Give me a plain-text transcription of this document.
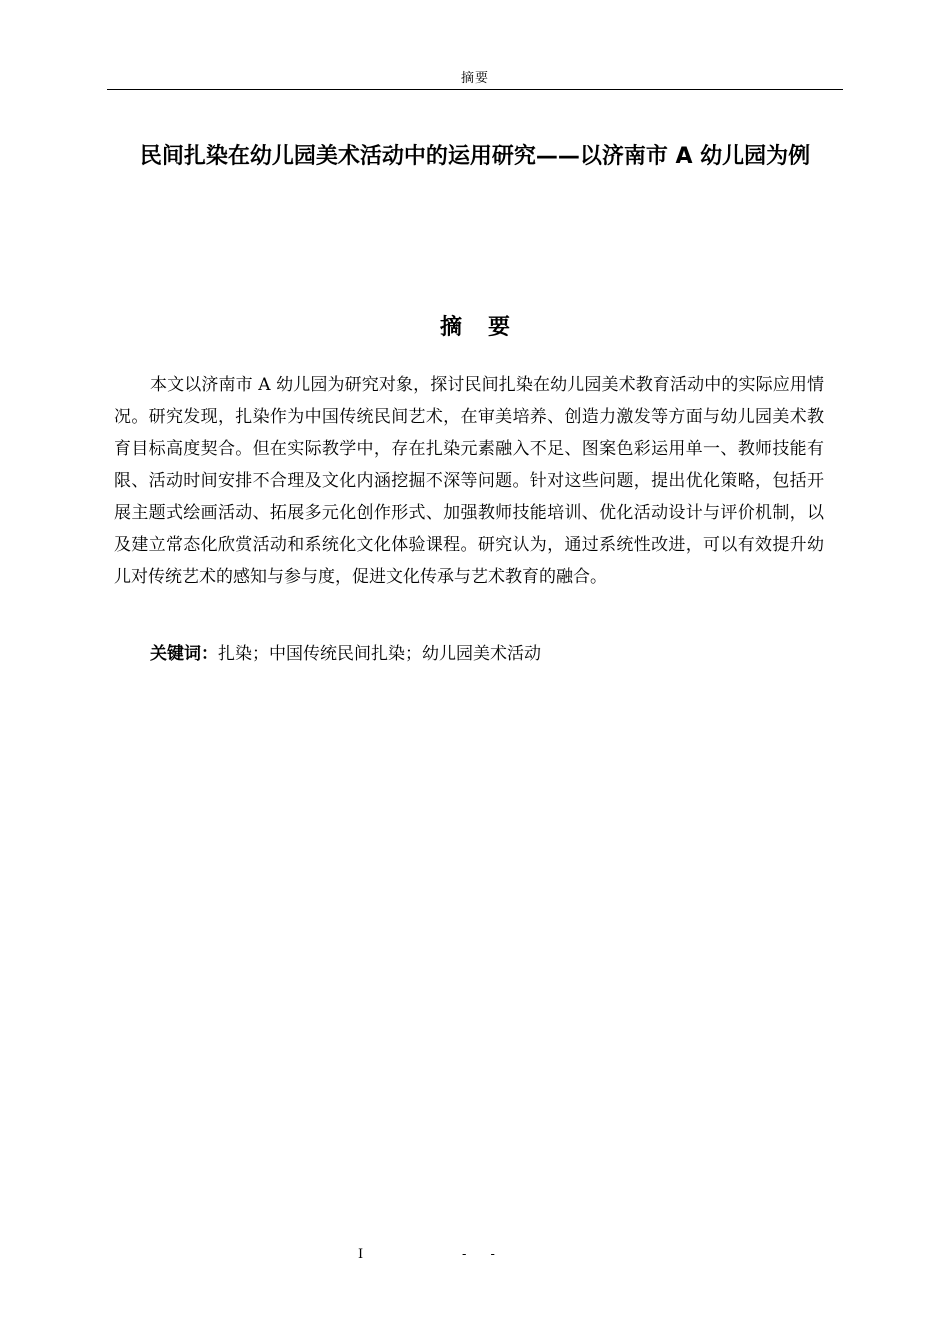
摘要
民间扎染在幼儿园美术活动中的运用研究——以济南市 A 幼儿园为例
摘要

本文以济南市 A 幼儿园为研究对象，探讨民间扎染在幼儿园美术教育活动中的实际应用情况。研究发现，扎染作为中国传统民间艺术，在审美培养、创造力激发等方面与幼儿园美术教育目标高度契合。但在实际教学中，存在扎染元素融入不足、图案色彩运用单一、教师技能有限、活动时间安排不合理及文化内涵挖掘不深等问题。针对这些问题，提出优化策略，包括开展主题式绘画活动、拓展多元化创作形式、加强教师技能培训、优化活动设计与评价机制，以及建立常态化欣赏活动和系统化文化体验课程。研究认为，通过系统性改进，可以有效提升幼儿对传统艺术的感知与参与度，促进文化传承与艺术教育的融合。

关键词：扎染；中国传统民间扎染；幼儿园美术活动

I	- -
